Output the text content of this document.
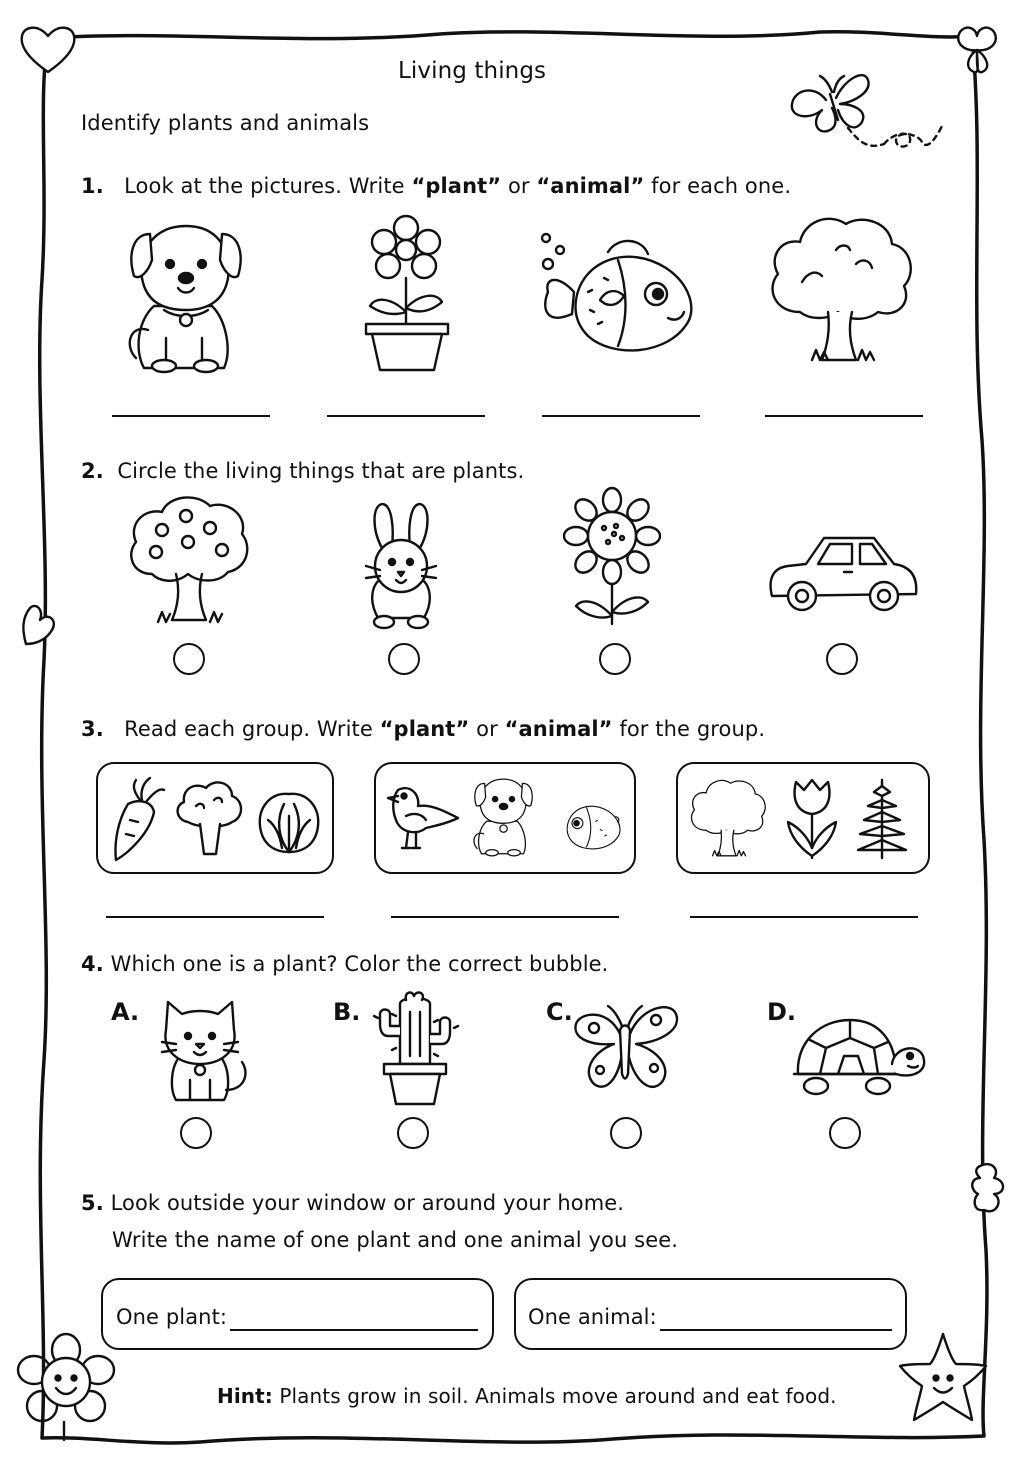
Living things
Identify plants and animals
1. Look at the pictures. Write “plant” or “animal” for each one.
2. Circle the living things that are plants.
3. Read each group. Write “plant” or “animal” for the group.
4. Which one is a plant? Color the correct bubble.
A.	B.	C.	D.
5. Look outside your window or around your home.
Write the name of one plant and one animal you see.
One plant:	One animal:
Hint: Plants grow in soil. Animals move around and eat food.
